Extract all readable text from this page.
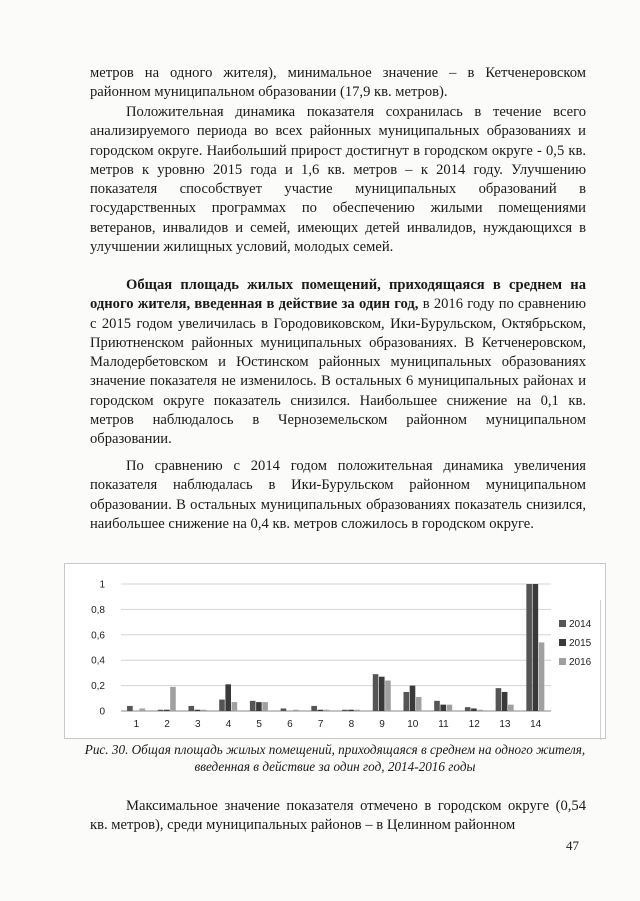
метров на одного жителя), минимальное значение – в Кетченеровском районном муниципальном образовании (17,9 кв. метров).
Положительная динамика показателя сохранилась в течение всего анализируемого периода во всех районных муниципальных образованиях и городском округе. Наибольший прирост достигнут в городском округе - 0,5 кв. метров к уровню 2015 года и 1,6 кв. метров – к 2014 году. Улучшению показателя способствует участие муниципальных образований в государственных программах по обеспечению жилыми помещениями ветеранов, инвалидов и семей, имеющих детей инвалидов, нуждающихся в улучшении жилищных условий, молодых семей.
Общая площадь жилых помещений, приходящаяся в среднем на одного жителя, введенная в действие за один год, в 2016 году по сравнению с 2015 годом увеличилась в Городовиковском, Ики-Бурульском, Октябрьском, Приютненском районных муниципальных образованиях. В Кетченеровском, Малодербетовском и Юстинском районных муниципальных образованиях значение показателя не изменилось. В остальных 6 муниципальных районах и городском округе показатель снизился. Наибольшее снижение на 0,1 кв. метров наблюдалось в Черноземельском районном муниципальном образовании.
По сравнению с 2014 годом положительная динамика увеличения показателя наблюдалась в Ики-Бурульском районном муниципальном образовании. В остальных муниципальных образованиях показатель снизился, наибольшее снижение на 0,4 кв. метров сложилось в городском округе.
0
0,2
0,4
0,6
0,8
1
1	2	3	4	5	6	7	8	9 10 11 12 13 14
2014
2015
2016
Рис. 30. Общая площадь жилых помещений, приходящаяся в среднем на одного жителя,
введенная в действие за один год, 2014-2016 годы
Максимальное значение показателя отмечено в городском округе (0,54 кв. метров), среди муниципальных районов – в Целинном районном
47
